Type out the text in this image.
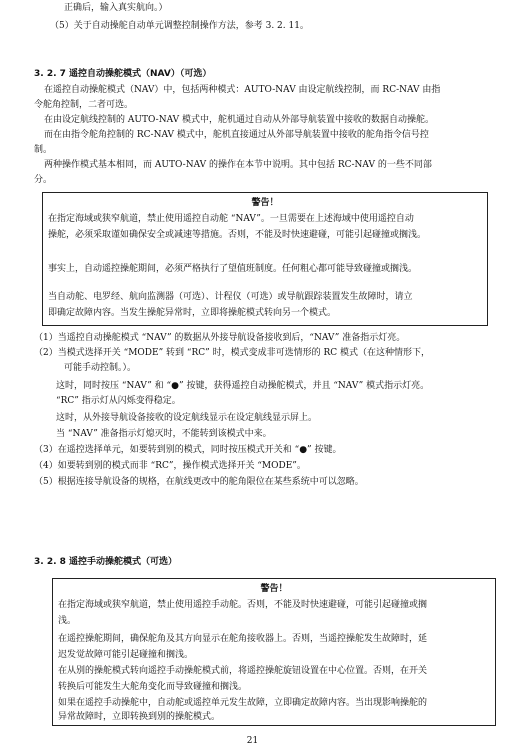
正确后，输入真实航向。）
（5）关于自动操舵自动单元调整控制操作方法，参考 3. 2. 11。
3. 2. 7 遥控自动操舵模式（NAV）（可选）
在遥控自动操舵模式（NAV）中，包括两种模式：AUTO-NAV 由设定航线控制，而 RC-NAV 由指
令舵角控制，二者可选。
在由设定航线控制的 AUTO-NAV 模式中，舵机通过自动从外部导航装置中接收的数据自动操舵。
而在由指令舵角控制的 RC-NAV 模式中，舵机直接通过从外部导航装置中接收的舵角指令信号控
制。
两种操作模式基本相同，而 AUTO-NAV 的操作在本节中说明。其中包括 RC-NAV 的一些不同部
分。
警告！
在指定海域或狭窄航道，禁止使用遥控自动舵 “NAV”。一旦需要在上述海域中使用遥控自动
操舵，必须采取谨如确保安全或减速等措施。否则，不能及时快速避碰，可能引起碰撞或搁浅。
事实上，自动遥控操舵期间，必须严格执行了望值班制度。任何粗心都可能导致碰撞或搁浅。
当自动舵、电罗经、航向监测器（可选）、计程仪（可选）或导航跟踪装置发生故障时，请立
即确定故障内容。当发生操舵异常时，立即将操舵模式转向另一个模式。
（1）当遥控自动操舵模式 “NAV” 的数据从外接导航设备接收到后，“NAV” 准备指示灯亮。
（2）当模式选择开关 “MODE” 转到 “RC” 时，模式变成非可选情形的 RC 模式（在这种情形下，
可能手动控制。）。
这时，同时按压 “NAV” 和 “●” 按键，获得遥控自动操舵模式，并且 “NAV” 模式指示灯亮。
“RC” 指示灯从闪烁变得稳定。
这时，从外接导航设备接收的设定航线显示在设定航线显示屏上。
当 “NAV” 准备指示灯熄灭时，不能转到该模式中来。
（3）在遥控选择单元，如要转到别的模式，同时按压模式开关和 “●” 按键。
（4）如要转到别的模式而非 “RC”，操作模式选择开关 “MODE”。
（5）根据连接导航设备的规格，在航线更改中的舵角限位在某些系统中可以忽略。
3. 2. 8 遥控手动操舵模式（可选）
警告！
在指定海域或狭窄航道，禁止使用遥控手动舵。否则，不能及时快速避碰，可能引起碰撞或搁
浅。
在遥控操舵期间，确保舵角及其方向显示在舵角接收器上。否则，当遥控操舵发生故障时，延
迟发觉故障可能引起碰撞和搁浅。
在从别的操舵模式转向遥控手动操舵模式前，将遥控操舵旋钮设置在中心位置。否则，在开关
转换后可能发生大舵角变化而导致碰撞和搁浅。
如果在遥控手动操舵中，自动舵或遥控单元发生故障，立即确定故障内容。当出现影响操舵的
异常故障时，立即转换到别的操舵模式。
21
